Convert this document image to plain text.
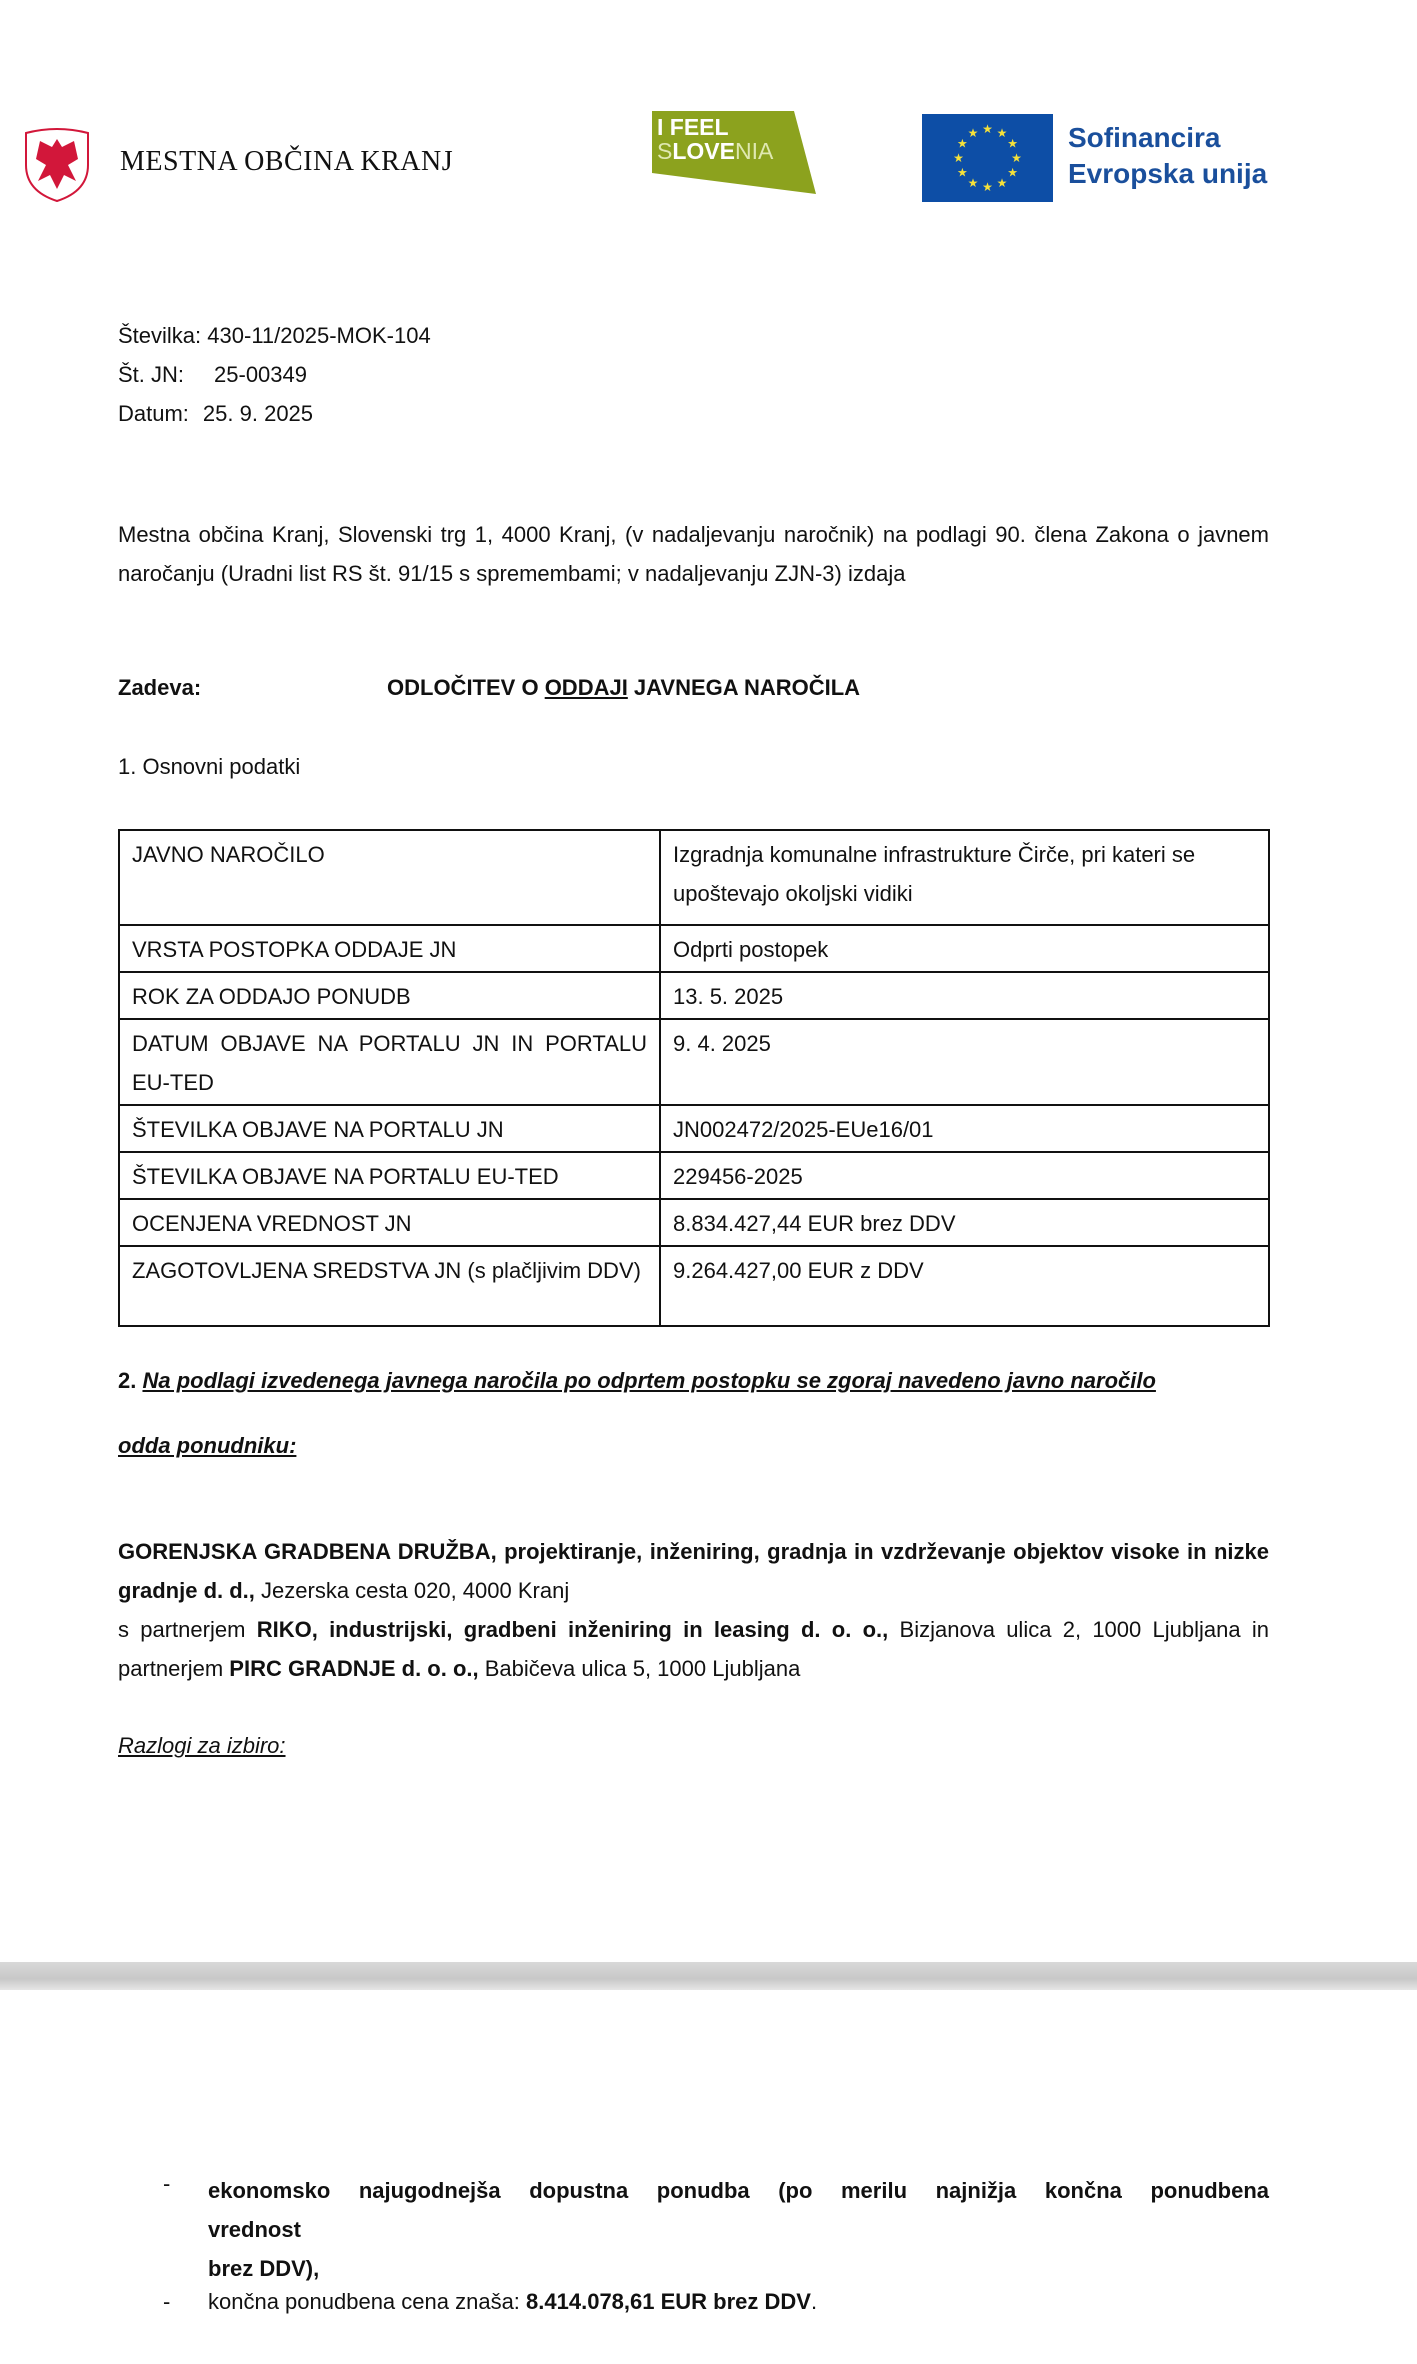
MESTNA OBČINA KRANJ
I FEEL
SLOVENIA
★ ★
★
★
★
★
★
★
★
★
★
★	Sofinancira
Evropska unija
Številka: 430-11/2025-MOK-104
Št. JN: 25-00349
Datum: 25. 9. 2025
Mestna občina Kranj, Slovenski trg 1, 4000 Kranj, (v nadaljevanju naročnik) na podlagi 90. člena Zakona o javnem naročanju (Uradni list RS št. 91/15 s spremembami; v nadaljevanju ZJN-3) izdaja
Zadeva:	ODLOČITEV O ODDAJI JAVNEGA NAROČILA
1. Osnovni podatki
JAVNO NAROČILO	Izgradnja komunalne infrastrukture Čirče, pri kateri se upoštevajo okoljski vidiki
VRSTA POSTOPKA ODDAJE JN	Odprti postopek
ROK ZA ODDAJO PONUDB	13. 5. 2025
DATUM OBJAVE NA PORTALU JN IN PORTALU EU-TED	9. 4. 2025
ŠTEVILKA OBJAVE NA PORTALU JN	JN002472/2025-EUe16/01
ŠTEVILKA OBJAVE NA PORTALU EU-TED	229456-2025
OCENJENA VREDNOST JN	8.834.427,44 EUR brez DDV
ZAGOTOVLJENA SREDSTVA JN (s plačljivim DDV)	9.264.427,00 EUR z DDV
2. Na podlagi izvedenega javnega naročila po odprtem postopku se zgoraj navedeno javno naročilo
odda ponudniku:
GORENJSKA GRADBENA DRUŽBA, projektiranje, inženiring, gradnja in vzdrževanje objektov visoke in nizke gradnje d. d., Jezerska cesta 020, 4000 Kranj
s partnerjem RIKO, industrijski, gradbeni inženiring in leasing d. o. o., Bizjanova ulica 2, 1000 Ljubljana in partnerjem PIRC GRADNJE d. o. o., Babičeva ulica 5, 1000 Ljubljana
Razlogi za izbiro:
- ekonomsko najugodnejša dopustna ponudba (po merilu najnižja končna ponudbena
vrednost
brez DDV),
- končna ponudbena cena znaša: 8.414.078,61 EUR brez DDV.
